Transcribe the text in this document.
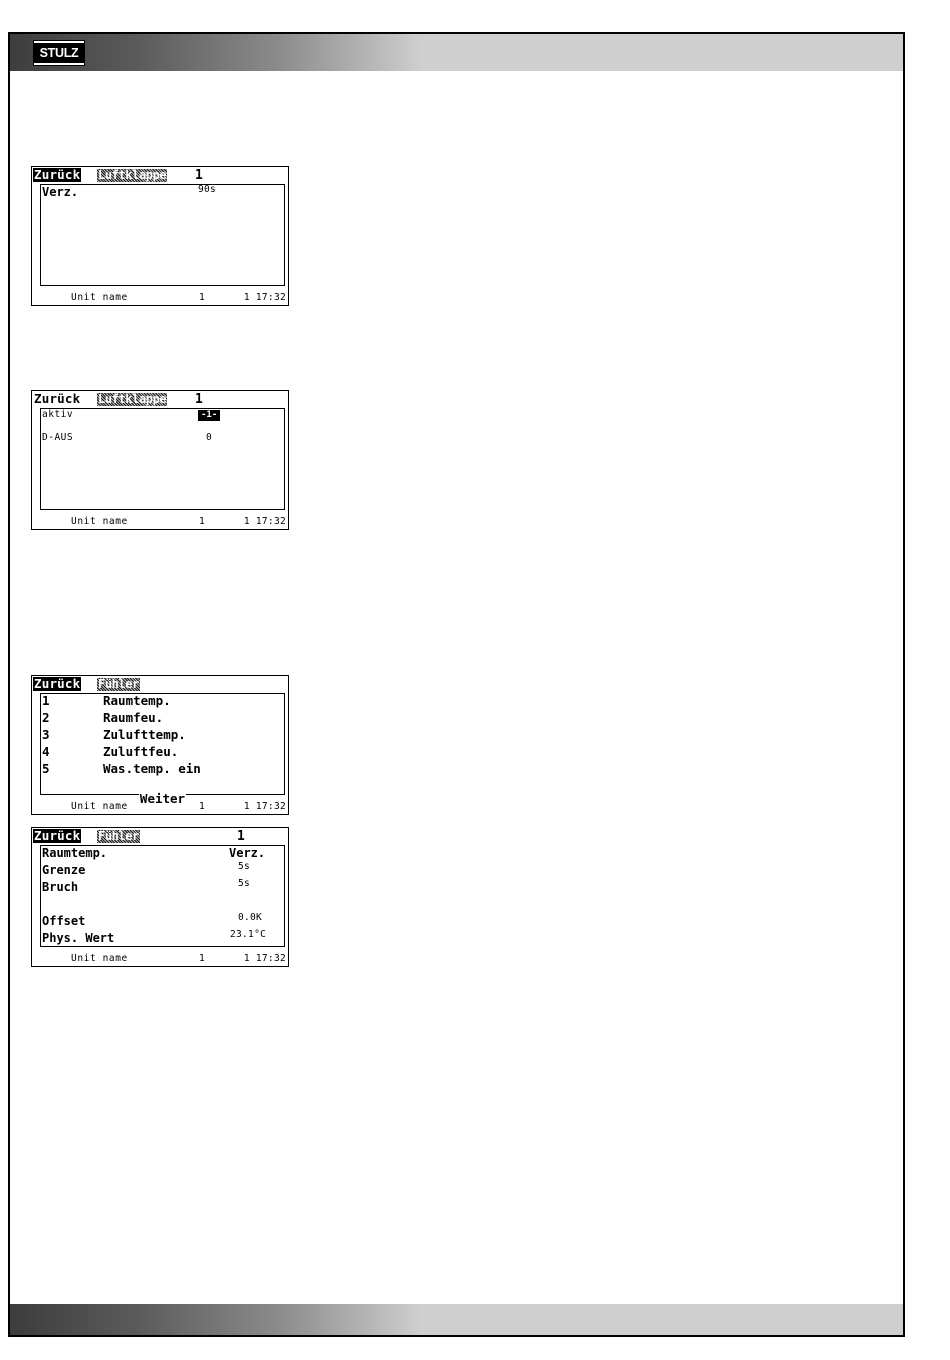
STULZ
Zurück Luftklappe 1
Verz.	90s
Unit name	1	1 17:32
Zurück Luftklappe 1
aktiv	-1-
D-AUS	0
Unit name	1	1 17:32
Zurück Fühler
1	Raumtemp.
2	Raumfeu.
3	Zulufttemp.
4	Zuluftfeu.
5	Was.temp. ein
Weiter
Unit name	1	1 17:32
Zurück Fühler	1
Raumtemp.	Verz.
Grenze	5s
Bruch	5s
Offset	0.0K
Phys. Wert	23.1°C
Unit name	1	1 17:32
